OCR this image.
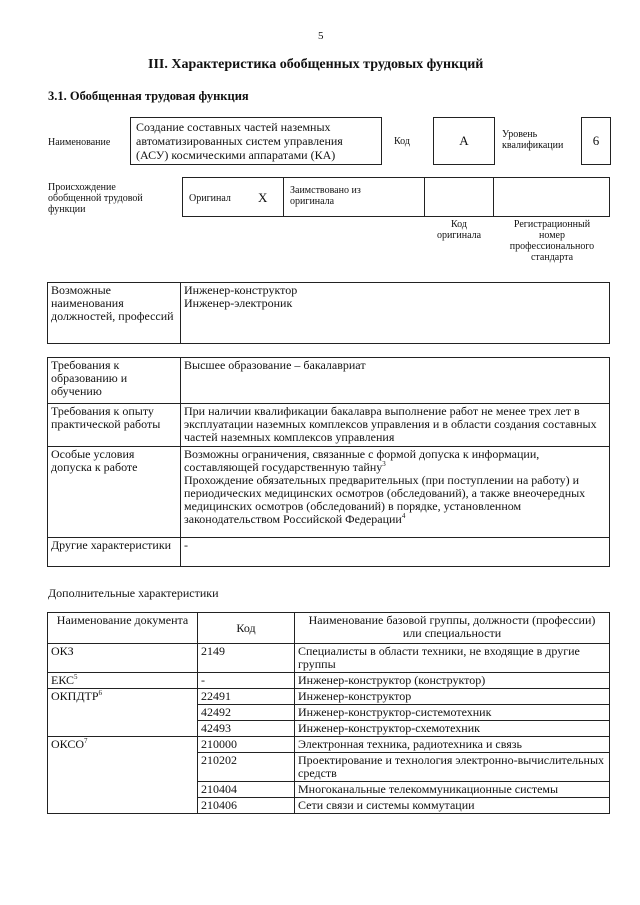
5
III. Характеристика обобщенных трудовых функций
3.1. Обобщенная трудовая функция
Наименование
Создание составных частей наземных автоматизированных систем управления (АСУ) космическими аппаратами (КА)
Код	A	Уровень квалификации	6
Происхождение обобщенной трудовой функции
Оригинал X Заимствовано из оригинала
Код оригинала
Регистрационный номер профессионального стандарта
Возможные наименования должностей, профессий	
Инженер-конструктор
Инженер-электроник
Требования к образованию и обучению	Высшее образование – бакалавриат
Требования к опыту практической работы	При наличии квалификации бакалавра выполнение работ не менее трех лет в эксплуатации наземных комплексов управления и в области создания составных частей наземных комплексов управления
Особые условия допуска к работе	Возможны ограничения, связанные с формой допуска к информации, составляющей государственную тайну$^3$
Прохождение обязательных предварительных (при поступлении на работу) и периодических медицинских осмотров (обследований), а также внеочередных медицинских осмотров (обследований) в порядке, установленном законодательством Российской Федерации$^4$
Другие характеристики	-
Дополнительные характеристики
Наименование документа	Код	Наименование базовой группы, должности (профессии) или специальности
ОКЗ	2149	Специалисты в области техники, не входящие в другие группы
ЕКС$^5$	-	Инженер-конструктор (конструктор)
ОКПДТР$^6$	22491	Инженер-конструктор
	42492	Инженер-конструктор-системотехник
	42493	Инженер-конструктор-схемотехник
ОКСО$^7$	210000	Электронная техника, радиотехника и связь
	210202	Проектирование и технология электронно-вычислительных средств
	210404	Многоканальные телекоммуникационные системы
	210406	Сети связи и системы коммутации
